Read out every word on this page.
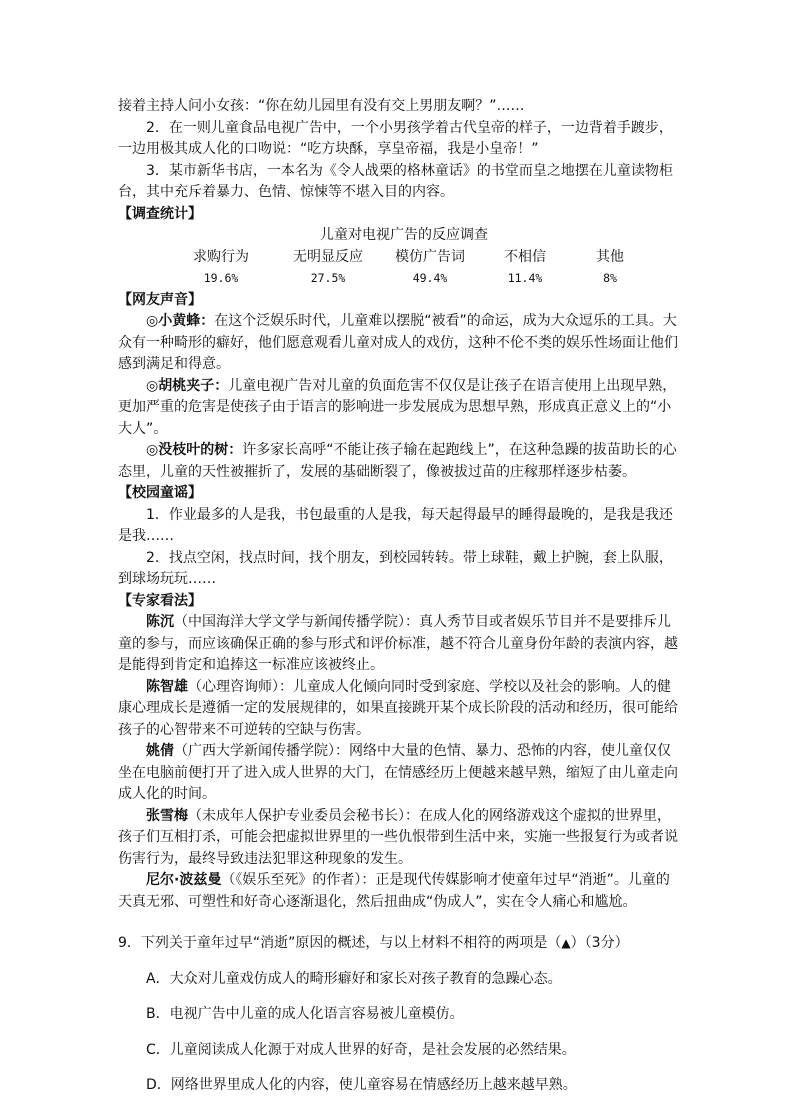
接着主持人问小女孩：“你在幼儿园里有没有交上男朋友啊？”……

2．在一则儿童食品电视广告中，一个小男孩学着古代皇帝的样子，一边背着手踱步，一边用极其成人化的口吻说：“吃方块酥，享皇帝福，我是小皇帝！”

3．某市新华书店，一本名为《令人战栗的格林童话》的书堂而皇之地摆在儿童读物柜台，其中充斥着暴力、色情、惊悚等不堪入目的内容。

【调查统计】

儿童对电视广告的反应调查

求购行为	无明显反应	模仿广告词	不相信	其他
19.6%	27.5%	49.4%	11.4%	8%

【网友声音】

◎小黄蜂：在这个泛娱乐时代，儿童难以摆脱“被看”的命运，成为大众逗乐的工具。大众有一种畸形的癖好，他们愿意观看儿童对成人的戏仿，这种不伦不类的娱乐性场面让他们感到满足和得意。

◎胡桃夹子：儿童电视广告对儿童的负面危害不仅仅是让孩子在语言使用上出现早熟，更加严重的危害是使孩子由于语言的影响进一步发展成为思想早熟，形成真正意义上的“小大人”。

◎没枝叶的树：许多家长高呼“不能让孩子输在起跑线上”，在这种急躁的拔苗助长的心态里，儿童的天性被摧折了，发展的基础断裂了，像被拔过苗的庄稼那样逐步枯萎。

【校园童谣】

1．作业最多的人是我，书包最重的人是我，每天起得最早的睡得最晚的，是我是我还是我……

2．找点空闲，找点时间，找个朋友，到校园转转。带上球鞋，戴上护腕，套上队服，到球场玩玩……

【专家看法】

陈沉（中国海洋大学文学与新闻传播学院）：真人秀节目或者娱乐节目并不是要排斥儿童的参与，而应该确保正确的参与形式和评价标准，越不符合儿童身份年龄的表演内容，越是能得到肯定和追捧这一标准应该被终止。

陈智雄（心理咨询师）：儿童成人化倾向同时受到家庭、学校以及社会的影响。人的健康心理成长是遵循一定的发展规律的，如果直接跳开某个成长阶段的活动和经历，很可能给孩子的心智带来不可逆转的空缺与伤害。

姚倩（广西大学新闻传播学院）：网络中大量的色情、暴力、恐怖的内容，使儿童仅仅坐在电脑前便打开了进入成人世界的大门，在情感经历上便越来越早熟，缩短了由儿童走向成人化的时间。

张雪梅（未成年人保护专业委员会秘书长）：在成人化的网络游戏这个虚拟的世界里，孩子们互相打杀，可能会把虚拟世界里的一些仇恨带到生活中来，实施一些报复行为或者说伤害行为，最终导致违法犯罪这种现象的发生。

尼尔·波兹曼（《娱乐至死》的作者）：正是现代传媒影响才使童年过早“消逝”。儿童的天真无邪、可塑性和好奇心逐渐退化，然后扭曲成“伪成人”，实在令人痛心和尴尬。

9．下列关于童年过早“消逝”原因的概述，与以上材料不相符的两项是（▲）（3分）

A．大众对儿童戏仿成人的畸形癖好和家长对孩子教育的急躁心态。

B．电视广告中儿童的成人化语言容易被儿童模仿。

C．儿童阅读成人化源于对成人世界的好奇，是社会发展的必然结果。

D．网络世界里成人化的内容，使儿童容易在情感经历上越来越早熟。
